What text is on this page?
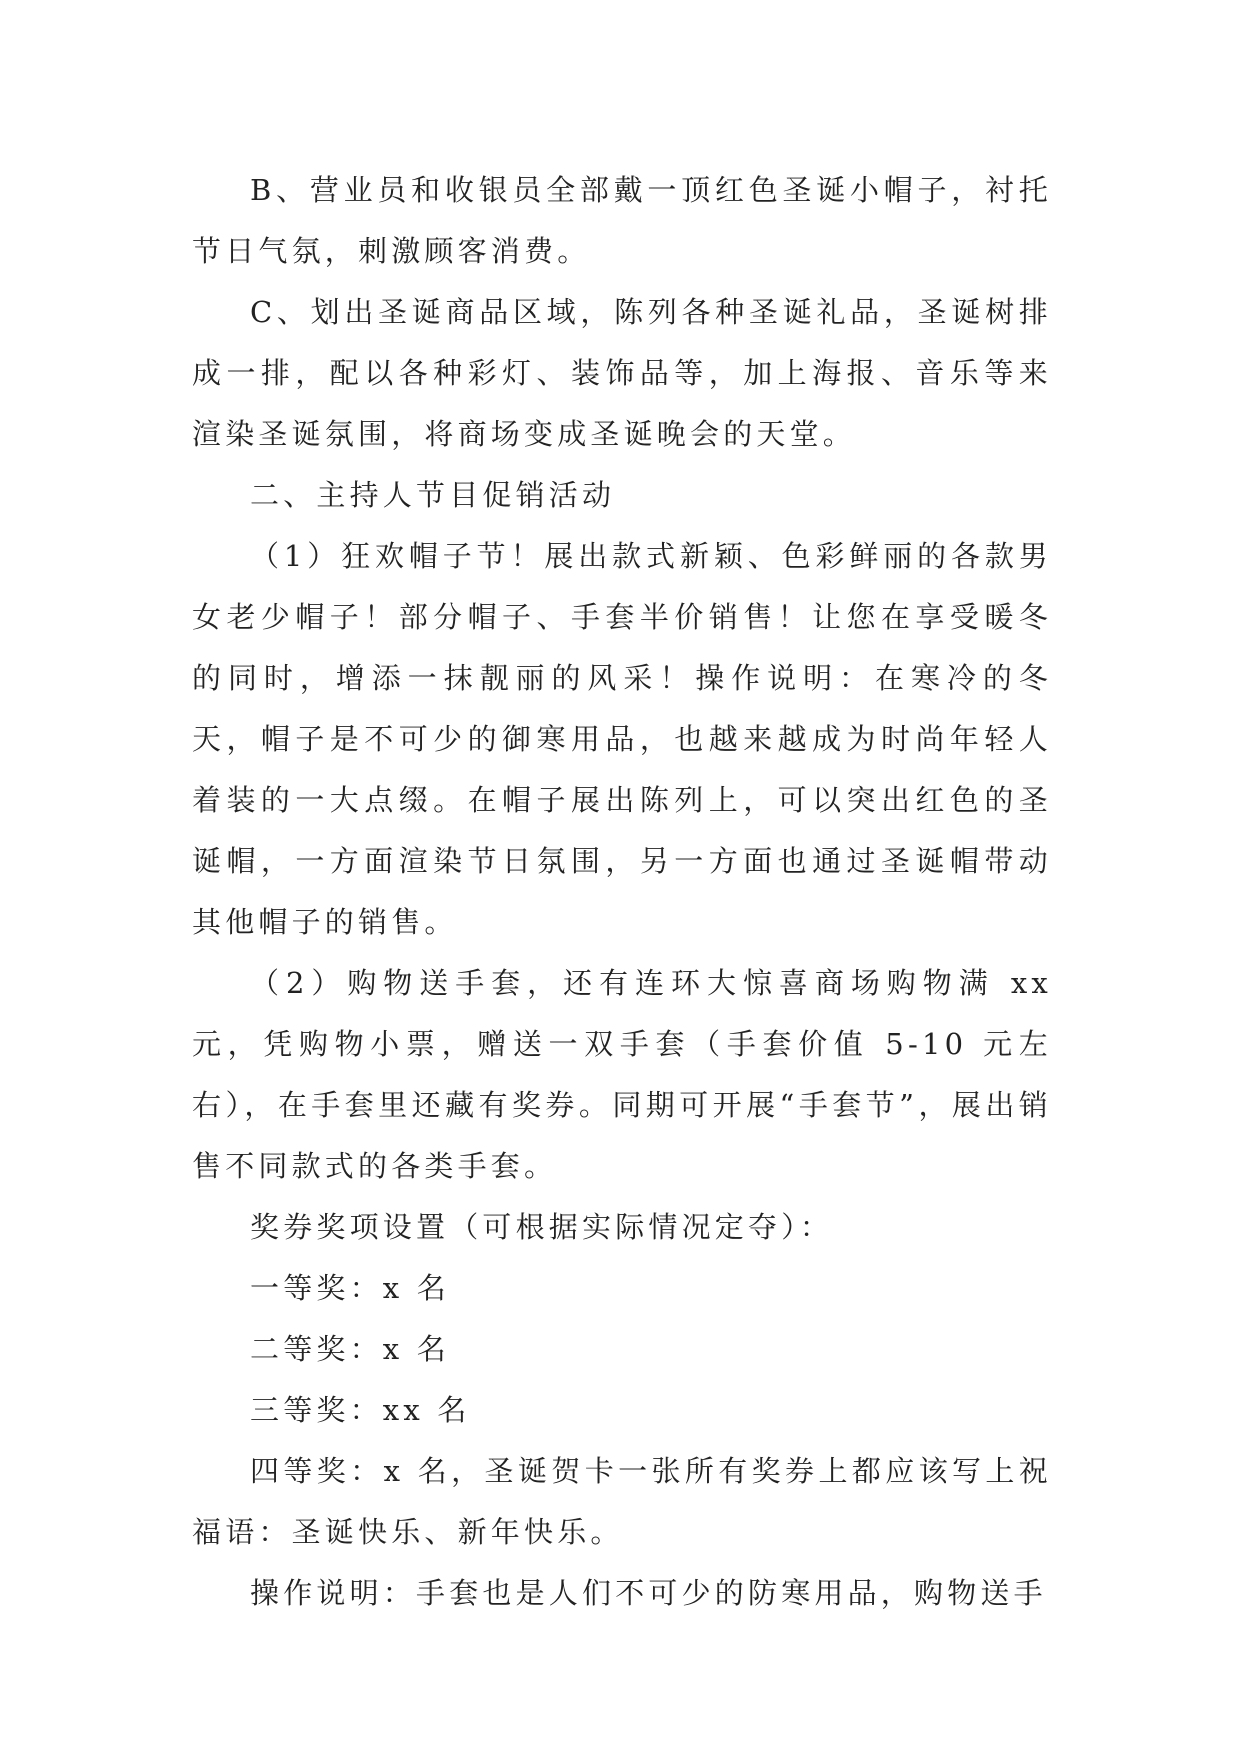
B、营业员和收银员全部戴一顶红色圣诞小帽子，衬托节日气氛，刺激顾客消费。

C、划出圣诞商品区域，陈列各种圣诞礼品，圣诞树排成一排，配以各种彩灯、装饰品等，加上海报、音乐等来渲染圣诞氛围，将商场变成圣诞晚会的天堂。

二、主持人节目促销活动

（1）狂欢帽子节！展出款式新颖、色彩鲜丽的各款男女老少帽子！部分帽子、手套半价销售！让您在享受暖冬的同时，增添一抹靓丽的风采！操作说明：在寒冷的冬天，帽子是不可少的御寒用品，也越来越成为时尚年轻人着装的一大点缀。在帽子展出陈列上，可以突出红色的圣诞帽，一方面渲染节日氛围，另一方面也通过圣诞帽带动其他帽子的销售。

（2）购物送手套，还有连环大惊喜商场购物满 xx 元，凭购物小票，赠送一双手套（手套价值 5-10 元左右），在手套里还藏有奖券。同期可开展“手套节”，展出销售不同款式的各类手套。

奖券奖项设置（可根据实际情况定夺）：

一等奖：x 名

二等奖：x 名

三等奖：xx 名

四等奖：x 名，圣诞贺卡一张所有奖券上都应该写上祝福语：圣诞快乐、新年快乐。

操作说明：手套也是人们不可少的防寒用品，购物送手
